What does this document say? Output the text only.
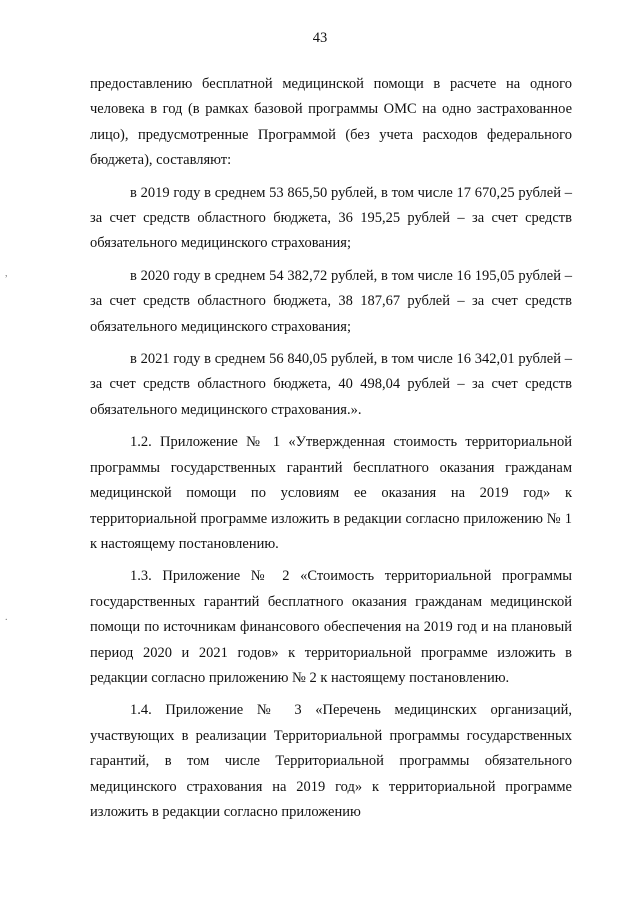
43
,
.

предоставлению бесплатной медицинской помощи в расчете на одного человека в год (в рамках базовой программы ОМС на одно застрахованное лицо), предусмотренные Программой (без учета расходов федерального бюджета), составляют:

в 2019 году в среднем 53 865,50 рублей, в том числе 17 670,25 рублей – за счет средств областного бюджета, 36 195,25 рублей – за счет средств обязательного медицинского страхования;

в 2020 году в среднем 54 382,72 рублей, в том числе 16 195,05 рублей – за счет средств областного бюджета, 38 187,67 рублей – за счет средств обязательного медицинского страхования;

в 2021 году в среднем 56 840,05 рублей, в том числе 16 342,01 рублей – за счет средств областного бюджета, 40 498,04 рублей – за счет средств обязательного медицинского страхования.».

1.2. Приложение № 1 «Утвержденная стоимость территориальной программы государственных гарантий бесплатного оказания гражданам медицинской помощи по условиям ее оказания на 2019 год» к территориальной программе изложить в редакции согласно приложению № 1 к настоящему постановлению.

1.3. Приложение № 2 «Стоимость территориальной программы государственных гарантий бесплатного оказания гражданам медицинской помощи по источникам финансового обеспечения на 2019 год и на плановый период 2020 и 2021 годов» к территориальной программе изложить в редакции согласно приложению № 2 к настоящему постановлению.

1.4. Приложение № 3 «Перечень медицинских организаций, участвующих в реализации Территориальной программы государственных гарантий, в том числе Территориальной программы обязательного медицинского страхования на 2019 год» к территориальной программе изложить в редакции согласно приложению
